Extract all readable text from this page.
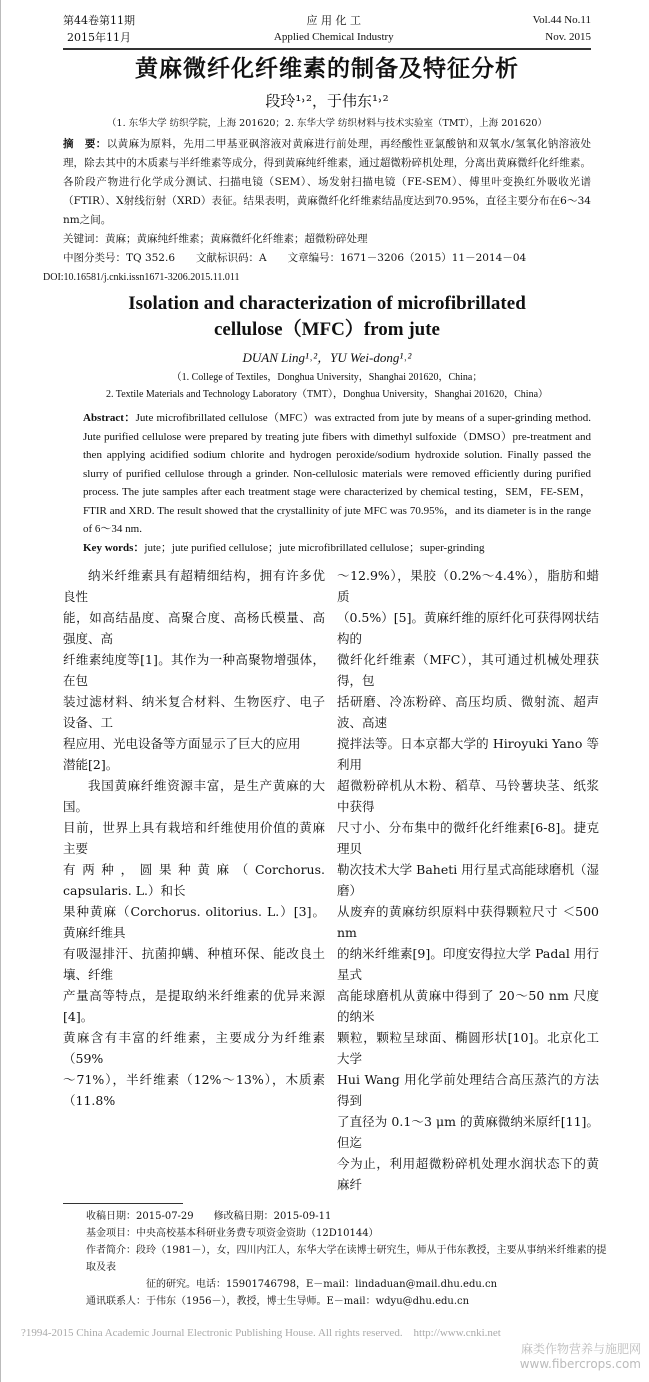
第44卷第11期
2015年11月
应 用 化 工
Applied Chemical Industry
Vol.44 No.11
Nov. 2015
黄麻微纤化纤维素的制备及特征分析
段玲¹˒²，于伟东¹˒²
（1. 东华大学 纺织学院，上海 201620；2. 东华大学 纺织材料与技术实验室（TMT），上海 201620）
摘　要：以黄麻为原料，先用二甲基亚砜溶液对黄麻进行前处理，再经酸性亚氯酸钠和双氧水/氢氧化钠溶液处理，除去其中的木质素与半纤维素等成分，得到黄麻纯纤维素，通过超微粉碎机处理，分离出黄麻微纤化纤维素。各阶段产物进行化学成分测试、扫描电镜（SEM）、场发射扫描电镜（FE-SEM）、傅里叶变换红外吸收光谱（FTIR）、X射线衍射（XRD）表征。结果表明，黄麻微纤化纤维素结晶度达到70.95%，直径主要分布在6～34 nm之间。
关键词：黄麻；黄麻纯纤维素；黄麻微纤化纤维素；超微粉碎处理
中图分类号：TQ 352.6　　文献标识码：A　　文章编号：1671－3206（2015）11－2014－04
DOI:10.16581/j.cnki.issn1671-3206.2015.11.011
Isolation and characterization of microfibrillated
cellulose（MFC）from jute
DUAN Ling¹˒²，YU Wei-dong¹˒²
（1. College of Textiles，Donghua University，Shanghai 201620，China；
2. Textile Materials and Technology Laboratory（TMT），Donghua University，Shanghai 201620，China）
Abstract：Jute microfibrillated cellulose（MFC）was extracted from jute by means of a super-grinding method. Jute purified cellulose were prepared by treating jute fibers with dimethyl sulfoxide（DMSO）pre-treatment and then applying acidified sodium chlorite and hydrogen peroxide/sodium hydroxide solution. Finally passed the slurry of purified cellulose through a grinder. Non-cellulosic materials were removed efficiently during purified process. The jute samples after each treatment stage were characterized by chemical testing，SEM，FE-SEM，FTIR and XRD. The result showed that the crystallinity of jute MFC was 70.95%，and its diameter is in the range of 6～34 nm.
Key words：jute；jute purified cellulose；jute microfibrillated cellulose；super-grinding
纳米纤维素具有超精细结构，拥有许多优良性
能，如高结晶度、高聚合度、高杨氏模量、高强度、高
纤维素纯度等[1]。其作为一种高聚物增强体，在包
装过滤材料、纳米复合材料、生物医疗、电子设备、工
程应用、光电设备等方面显示了巨大的应用
潜能[2]。
我国黄麻纤维资源丰富，是生产黄麻的大国。
目前，世界上具有栽培和纤维使用价值的黄麻主要
有两种，圆果种黄麻（Corchorus. capsularis. L.）和长
果种黄麻（Corchorus. olitorius. L.）[3]。黄麻纤维具
有吸湿排汗、抗菌抑螨、种植环保、能改良土壤、纤维
产量高等特点，是提取纳米纤维素的优异来源[4]。
黄麻含有丰富的纤维素，主要成分为纤维素（59%
～71%），半纤维素（12%～13%），木质素（11.8%
～12.9%），果胶（0.2%～4.4%），脂肪和蜡质
（0.5%）[5]。黄麻纤维的原纤化可获得网状结构的
微纤化纤维素（MFC），其可通过机械处理获得，包
括研磨、冷冻粉碎、高压均质、微射流、超声波、高速
搅拌法等。日本京都大学的 Hiroyuki Yano 等利用
超微粉碎机从木粉、稻草、马铃薯块茎、纸浆中获得
尺寸小、分布集中的微纤化纤维素[6-8]。捷克理贝
勒次技术大学 Baheti 用行星式高能球磨机（湿磨）
从废弃的黄麻纺织原料中获得颗粒尺寸 ＜500 nm
的纳米纤维素[9]。印度安得拉大学 Padal 用行星式
高能球磨机从黄麻中得到了 20～50 nm 尺度的纳米
颗粒，颗粒呈球面、椭圆形状[10]。北京化工大学
Hui Wang 用化学前处理结合高压蒸汽的方法得到
了直径为 0.1～3 μm 的黄麻微纳米原纤[11]。但迄
今为止，利用超微粉碎机处理水润状态下的黄麻纤
收稿日期：2015-07-29　　修改稿日期：2015-09-11
基金项目：中央高校基本科研业务费专项资金资助（12D10144）
作者简介：段玲（1981－），女，四川内江人，东华大学在读博士研究生，师从于伟东教授，主要从事纳米纤维素的提取及表
征的研究。电话：15901746798，E－mail：lindaduan@mail.dhu.edu.cn
通讯联系人：于伟东（1956－），教授，博士生导师。E－mail：wdyu@dhu.edu.cn
?1994-2015 China Academic Journal Electronic Publishing House. All rights reserved.　http://www.cnki.net
麻类作物营养与施肥网
www.fibercrops.com
